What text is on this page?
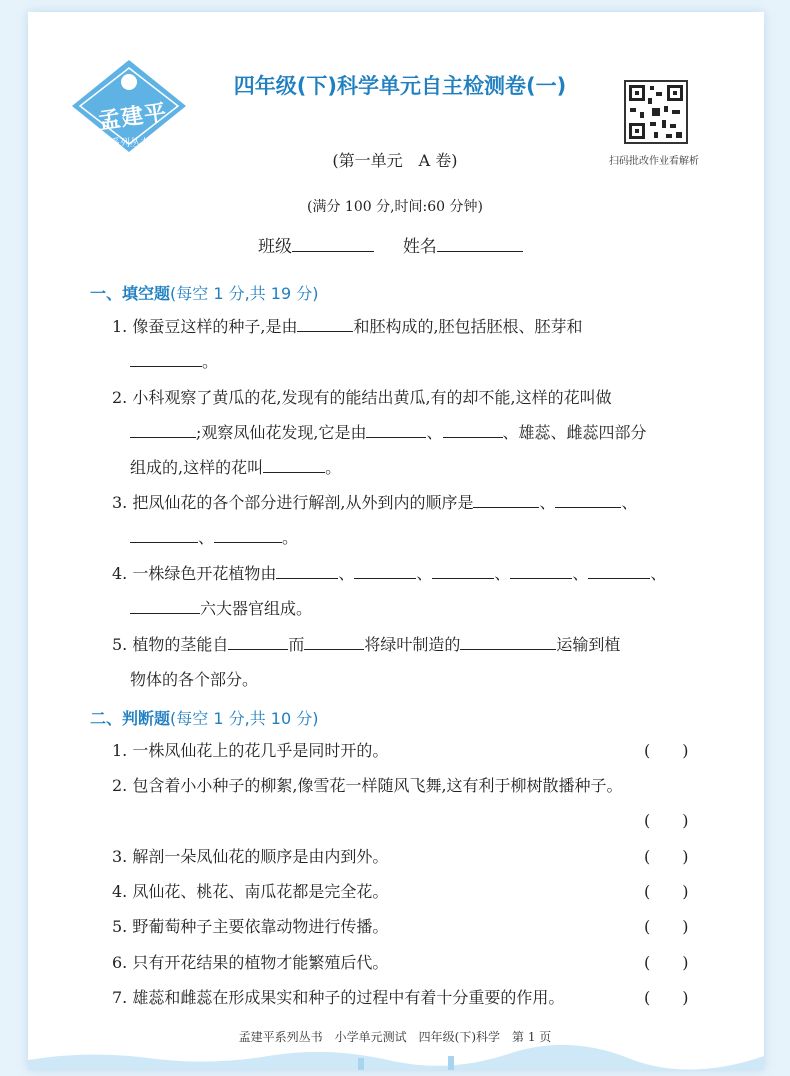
孟建平
系列丛书
四年级(下)科学单元自主检测卷(一)
扫码批改作业看解析
(第一单元　A 卷)
(满分 100 分,时间:60 分钟)
班级	姓名
一、填空题(每空 1 分,共 19 分)
1. 像蚕豆这样的种子,是由	和胚构成的,胚包括胚根、胚芽和
。
2. 小科观察了黄瓜的花,发现有的能结出黄瓜,有的却不能,这样的花叫做
;观察凤仙花发现,它是由	、	、雄蕊、雌蕊四部分
组成的,这样的花叫	。
3. 把凤仙花的各个部分进行解剖,从外到内的顺序是	、	、
、	。
4. 一株绿色开花植物由	、	、	、	、	、
六大器官组成。
5. 植物的茎能自	而	将绿叶制造的	运输到植
物体的各个部分。
二、判断题(每空 1 分,共 10 分)
1. 一株凤仙花上的花几乎是同时开的。	(　　)
2. 包含着小小种子的柳絮,像雪花一样随风飞舞,这有利于柳树散播种子。
(　　)
3. 解剖一朵凤仙花的顺序是由内到外。	(　　)
4. 凤仙花、桃花、南瓜花都是完全花。	(　　)
5. 野葡萄种子主要依靠动物进行传播。	(　　)
6. 只有开花结果的植物才能繁殖后代。	(　　)
7. 雄蕊和雌蕊在形成果实和种子的过程中有着十分重要的作用。	(　　)
孟建平系列丛书　小学单元测试　四年级(下)科学　第 1 页
